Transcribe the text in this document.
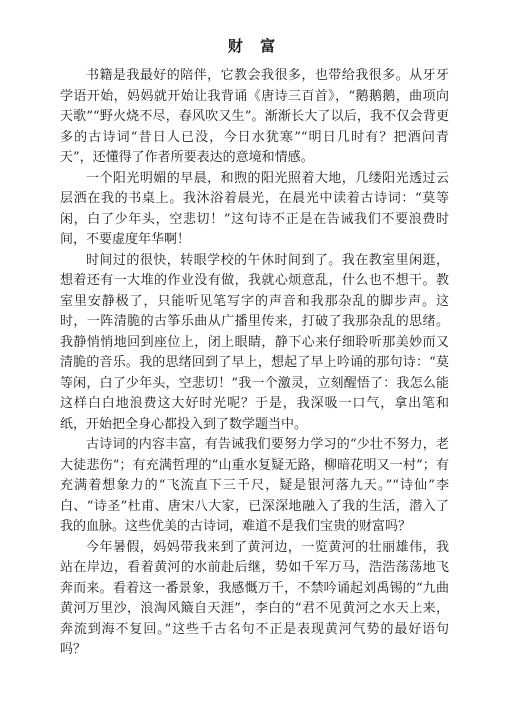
财 富

书籍是我最好的陪伴，它教会我很多，也带给我很多。从牙牙学语开始，妈妈就开始让我背诵《唐诗三百首》，“鹅鹅鹅，曲项向天歌”“野火烧不尽，春风吹又生”。渐渐长大了以后，我不仅会背更多的古诗词“昔日人已没，今日水犹寒”“明日几时有？把酒问青天”，还懂得了作者所要表达的意境和情感。

一个阳光明媚的早晨，和煦的阳光照着大地，几缕阳光透过云层洒在我的书桌上。我沐浴着晨光，在晨光中读着古诗词：“莫等闲，白了少年头，空悲切！”这句诗不正是在告诫我们不要浪费时间，不要虚度年华啊！

时间过的很快，转眼学校的午休时间到了。我在教室里闲逛，想着还有一大堆的作业没有做，我就心烦意乱，什么也不想干。教室里安静极了，只能听见笔写字的声音和我那杂乱的脚步声。这时，一阵清脆的古筝乐曲从广播里传来，打破了我那杂乱的思绪。我静悄悄地回到座位上，闭上眼睛，静下心来仔细聆听那美妙而又清脆的音乐。我的思绪回到了早上，想起了早上吟诵的那句诗：“莫等闲，白了少年头，空悲切！”我一个激灵，立刻醒悟了：我怎么能这样白白地浪费这大好时光呢？于是，我深吸一口气，拿出笔和纸，开始把全身心都投入到了数学题当中。

古诗词的内容丰富，有告诫我们要努力学习的“少壮不努力，老大徒悲伤”；有充满哲理的“山重水复疑无路，柳暗花明又一村”；有充满着想象力的“飞流直下三千尺，疑是银河落九天。”“诗仙”李白、“诗圣”杜甫、唐宋八大家，已深深地融入了我的生活，潜入了我的血脉。这些优美的古诗词，难道不是我们宝贵的财富吗？

今年暑假，妈妈带我来到了黄河边，一览黄河的壮丽雄伟，我站在岸边，看着黄河的水前赴后继，势如千军万马，浩浩荡荡地飞奔而来。看着这一番景象，我感慨万千，不禁吟诵起刘禹锡的“九曲黄河万里沙，浪淘风簸自天涯”，李白的“君不见黄河之水天上来，奔流到海不复回。”这些千古名句不正是表现黄河气势的最好语句吗？
